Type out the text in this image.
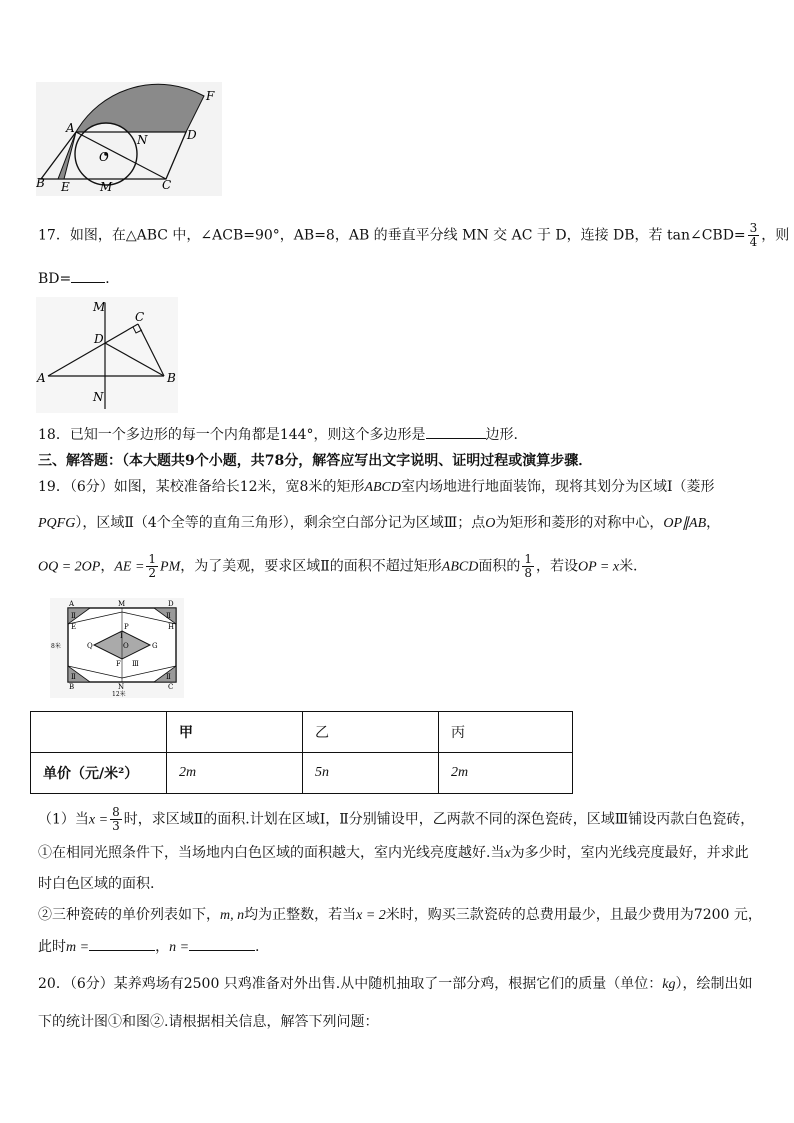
F
A	D
N
O
B E	M	C
17．如图，在△ABC 中，∠ACB=90°，AB=8，AB 的垂直平分线 MN 交 AC 于 D，连接 DB，若 tan∠CBD= $\frac{3}{4}$ ，则
BD= ．
M
C
D
A	B
N
18．已知一个多边形的每一个内角都是144°，则这个多边形是	边形.
三、解答题：（本大题共9个小题，共78分，解答应写出文字说明、证明过程或演算步骤．
19．（6分）如图，某校准备给长12米，宽8米的矩形ABCD室内场地进行地面装饰，现将其划分为区域Ⅰ（菱形
PQFG），区域Ⅱ（4个全等的直角三角形），剩余空白部分记为区域Ⅲ；点O为矩形和菱形的对称中心，OP∥AB，
OQ = 2OP，AE = $\frac{1}{2}$ PM，为了美观，要求区域Ⅱ的面积不超过矩形ABCD面积的 $\frac{1}{8}$ ，若设OP = x米.
A	M	D
E	H
P
Q	O	G
F Ⅲ
Ⅱ	Ⅱ
Ⅱ	Ⅱ
Ⅰ
B	N	C
8米
12米
	甲	乙	丙
单价（元/米²）	2m	5n	2m
（1）当$x = \frac{8}{3}$ 时，求区域Ⅱ的面积.计划在区域Ⅰ，Ⅱ分别铺设甲，乙两款不同的深色瓷砖，区域Ⅲ铺设丙款白色瓷砖，
①在相同光照条件下，当场地内白色区域的面积越大，室内光线亮度越好.当x为多少时，室内光线亮度最好，并求此
时白色区域的面积.
②三种瓷砖的单价列表如下，m, n均为正整数，若当x = 2米时，购买三款瓷砖的总费用最少，且最少费用为7200 元，
此时m =	，n =	.
20．（6分）某养鸡场有2500 只鸡准备对外出售.从中随机抽取了一部分鸡，根据它们的质量（单位：kg），绘制出如
下的统计图①和图②.请根据相关信息，解答下列问题：
